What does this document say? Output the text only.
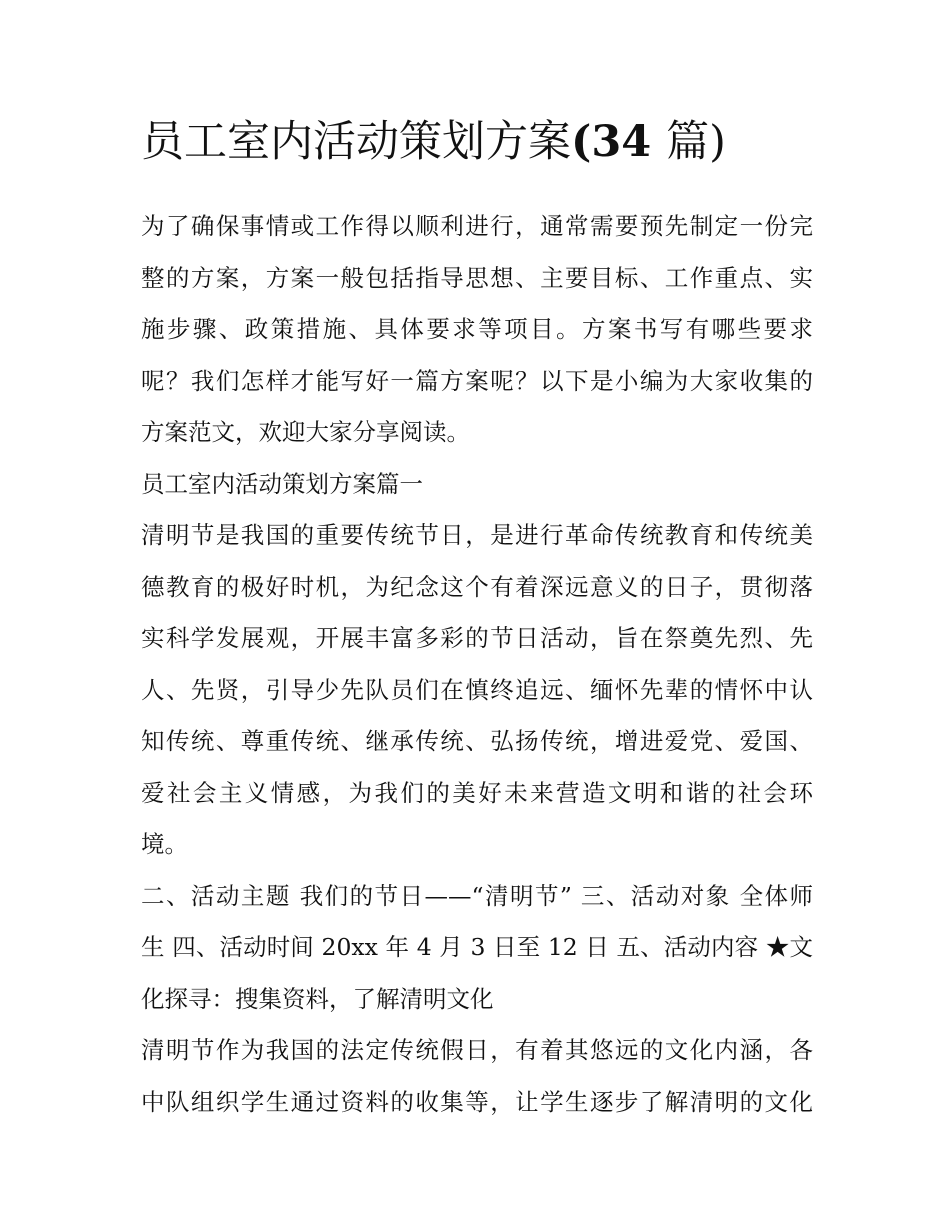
员工室内活动策划方案(34 篇)
为了确保事情或工作得以顺利进行，通常需要预先制定一份完
整的方案，方案一般包括指导思想、主要目标、工作重点、实
施步骤、政策措施、具体要求等项目。方案书写有哪些要求
呢？我们怎样才能写好一篇方案呢？以下是小编为大家收集的
方案范文，欢迎大家分享阅读。
员工室内活动策划方案篇一
清明节是我国的重要传统节日，是进行革命传统教育和传统美
德教育的极好时机，为纪念这个有着深远意义的日子，贯彻落
实科学发展观，开展丰富多彩的节日活动，旨在祭奠先烈、先
人、先贤，引导少先队员们在慎终追远、缅怀先辈的情怀中认
知传统、尊重传统、继承传统、弘扬传统，增进爱党、爱国、
爱社会主义情感，为我们的美好未来营造文明和谐的社会环
境。
二、活动主题 我们的节日——“清明节” 三、活动对象 全体师
生 四、活动时间 20xx 年 4 月 3 日至 12 日 五、活动内容 ★文
化探寻：搜集资料，了解清明文化
清明节作为我国的法定传统假日，有着其悠远的文化内涵，各
中队组织学生通过资料的收集等，让学生逐步了解清明的文化
